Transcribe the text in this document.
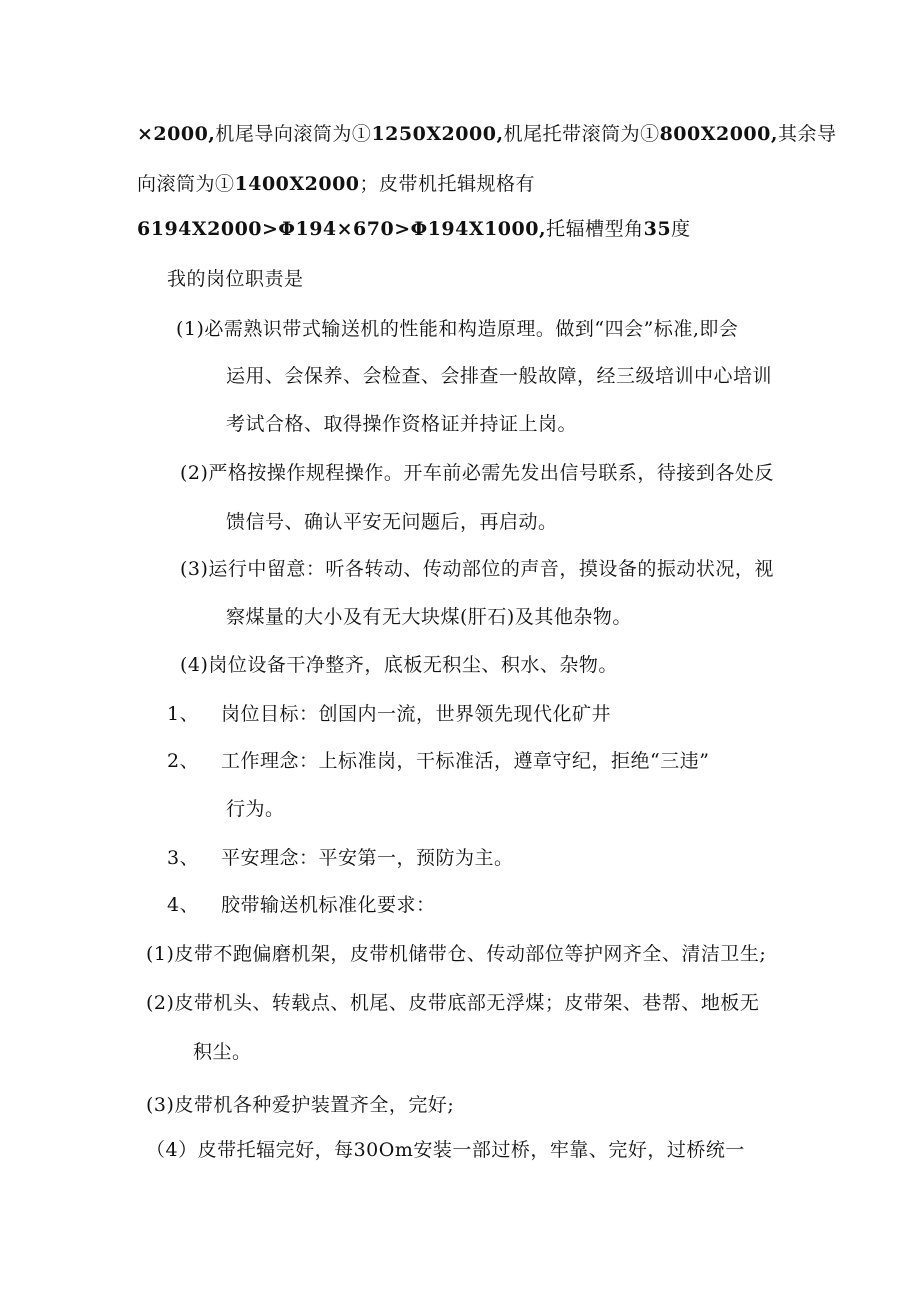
×2000,机尾导向滚筒为①1250X2000,机尾托带滚筒为①800X2000,其余导
向滚筒为①1400X2000；皮带机托辑规格有
6194X2000>Φ194×670>Φ194X1000,托辐槽型角35度
我的岗位职责是
(1)必需熟识带式输送机的性能和构造原理。做到“四会”标准,即会
运用、会保养、会检查、会排查一般故障，经三级培训中心培训
考试合格、取得操作资格证并持证上岗。
(2)严格按操作规程操作。开车前必需先发出信号联系，待接到各处反
馈信号、确认平安无问题后，再启动。
(3)运行中留意：听各转动、传动部位的声音，摸设备的振动状况，视
察煤量的大小及有无大块煤(肝石)及其他杂物。
(4)岗位设备干净整齐，底板无积尘、积水、杂物。
1、 岗位目标：创国内一流，世界领先现代化矿井
2、 工作理念：上标准岗，干标准活，遵章守纪，拒绝“三违”
行为。
3、 平安理念：平安第一，预防为主。
4、 胶带输送机标准化要求：
(1)皮带不跑偏磨机架，皮带机储带仓、传动部位等护网齐全、清洁卫生;
(2)皮带机头、转载点、机尾、皮带底部无浮煤；皮带架、巷帮、地板无
积尘。
(3)皮带机各种爱护装置齐全，完好;
（4）皮带托辐完好，每30Om安装一部过桥，牢靠、完好，过桥统一
